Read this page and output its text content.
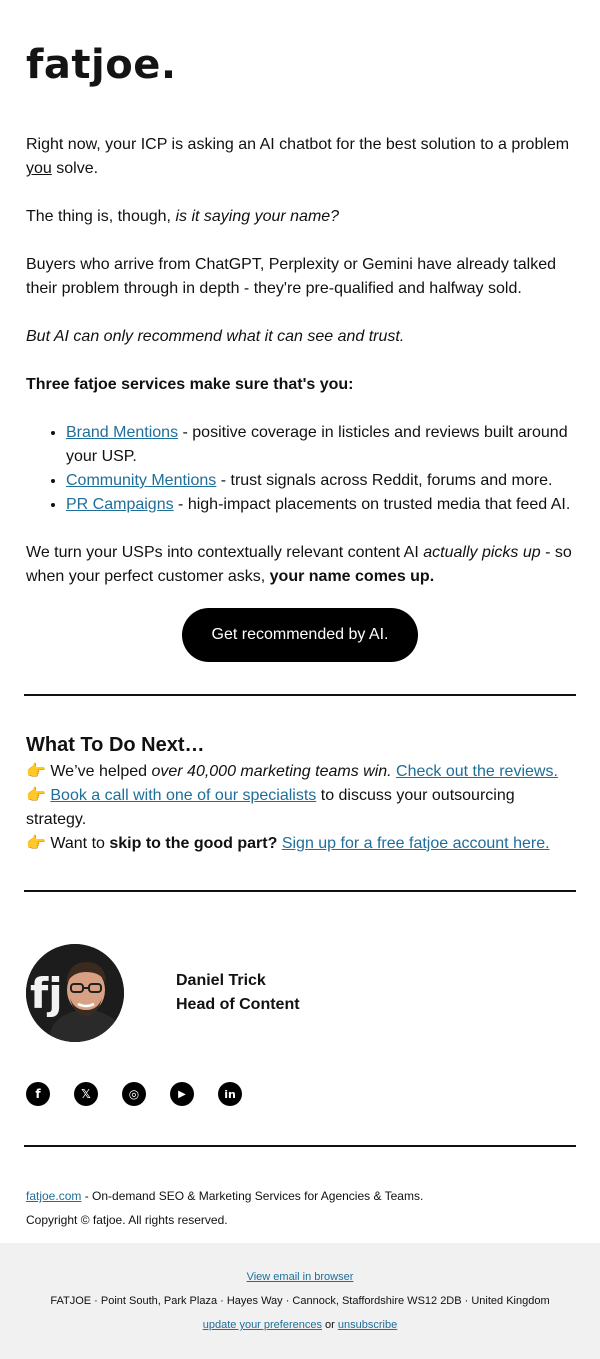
fatjoe.

Right now, your ICP is asking an AI chatbot for the best solution to a problem you solve.

The thing is, though, is it saying your name?

Buyers who arrive from ChatGPT, Perplexity or Gemini have already talked their problem through in depth - they're pre-qualified and halfway sold.

But AI can only recommend what it can see and trust.

Three fatjoe services make sure that's you:

• Brand Mentions - positive coverage in listicles and reviews built around your USP.
• Community Mentions - trust signals across Reddit, forums and more.
• PR Campaigns - high-impact placements on trusted media that feed AI.

We turn your USPs into contextually relevant content AI actually picks up - so when your perfect customer asks, your name comes up.

Get recommended by AI.
What To Do Next…

👉 We’ve helped over 40,000 marketing teams win. Check out the reviews.

👉 Book a call with one of our specialists to discuss your outsourcing strategy.

👉 Want to skip to the good part? Sign up for a free fatjoe account here.

fj	Daniel Trick
Head of Content
f	𝕏	◎	▶	in
fatjoe.com - On-demand SEO & Marketing Services for Agencies & Teams.
Copyright © fatjoe. All rights reserved.
View email in browser
FATJOE · Point South, Park Plaza · Hayes Way · Cannock, Staffordshire WS12 2DB · United Kingdom
update your preferences or unsubscribe
